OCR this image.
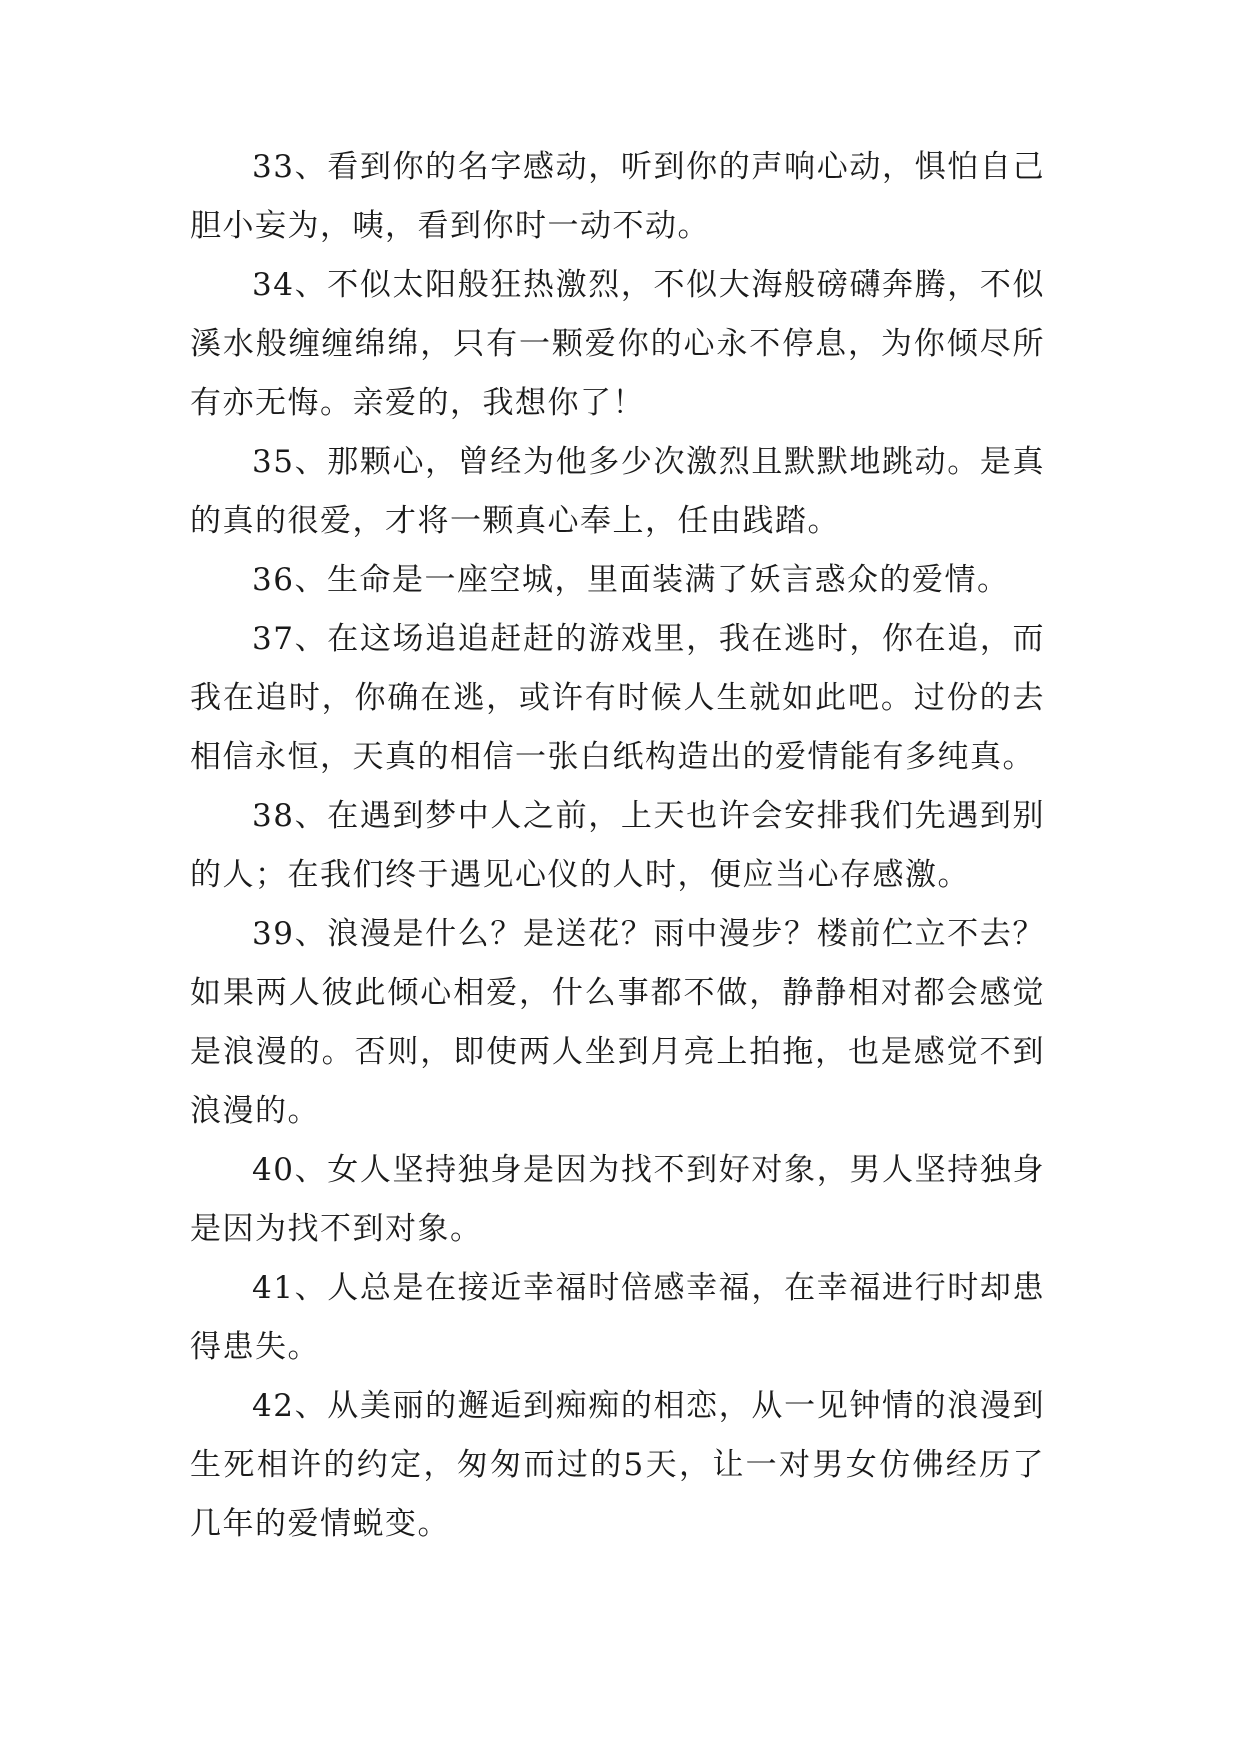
33、看到你的名字感动，听到你的声响心动，惧怕自己胆小妄为，咦，看到你时一动不动。

34、不似太阳般狂热激烈，不似大海般磅礴奔腾，不似溪水般缠缠绵绵，只有一颗爱你的心永不停息，为你倾尽所有亦无悔。亲爱的，我想你了！

35、那颗心，曾经为他多少次激烈且默默地跳动。是真的真的很爱，才将一颗真心奉上，任由践踏。

36、生命是一座空城，里面装满了妖言惑众的爱情。

37、在这场追追赶赶的游戏里，我在逃时，你在追，而我在追时，你确在逃，或许有时候人生就如此吧。过份的去相信永恒，天真的相信一张白纸构造出的爱情能有多纯真。

38、在遇到梦中人之前，上天也许会安排我们先遇到别的人；在我们终于遇见心仪的人时，便应当心存感激。

39、浪漫是什么？是送花？雨中漫步？楼前伫立不去？如果两人彼此倾心相爱，什么事都不做，静静相对都会感觉是浪漫的。否则，即使两人坐到月亮上拍拖，也是感觉不到浪漫的。

40、女人坚持独身是因为找不到好对象，男人坚持独身是因为找不到对象。

41、人总是在接近幸福时倍感幸福，在幸福进行时却患得患失。

42、从美丽的邂逅到痴痴的相恋，从一见钟情的浪漫到生死相许的约定，匆匆而过的5天，让一对男女仿佛经历了几年的爱情蜕变。
